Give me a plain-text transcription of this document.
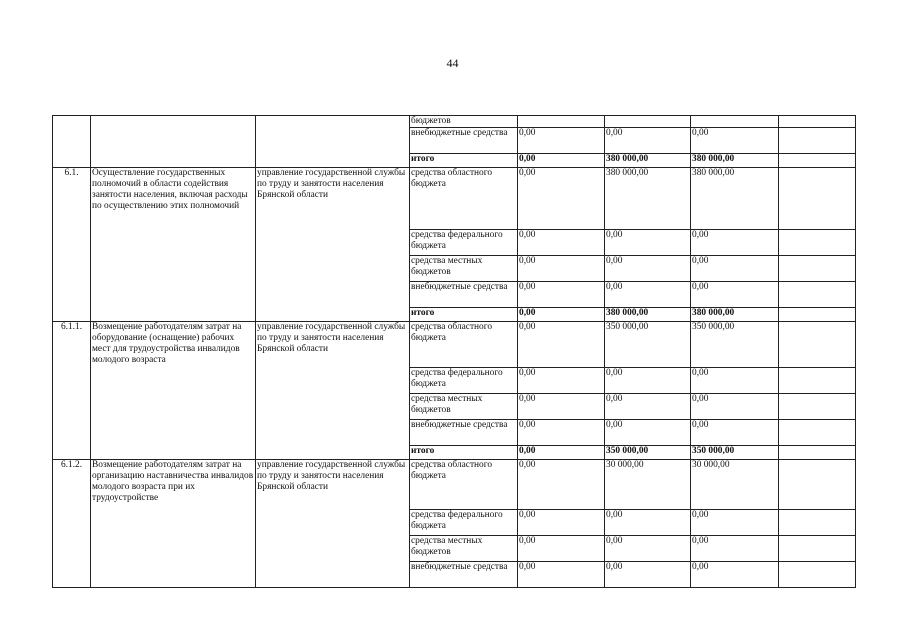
44
			бюджетов				
			внебюджетные средства	0,00	0,00	0,00	
			итого	0,00	380 000,00	380 000,00	
6.1.	Осуществление государственных полномочий в области содействия занятости населения, включая расходы по осуществлению этих полномочий	управление государственной службы по труду и занятости населения Брянской области	средства областного бюджета	0,00	380 000,00	380 000,00	
			средства федерального бюджета	0,00	0,00	0,00	
			средства местных бюджетов	0,00	0,00	0,00	
			внебюджетные средства	0,00	0,00	0,00	
			итого	0,00	380 000,00	380 000,00	
6.1.1.	Возмещение работодателям затрат на оборудование (оснащение) рабочих мест для трудоустройства инвалидов молодого возраста	управление государственной службы по труду и занятости населения Брянской области	средства областного бюджета	0,00	350 000,00	350 000,00	
			средства федерального бюджета	0,00	0,00	0,00	
			средства местных бюджетов	0,00	0,00	0,00	
			внебюджетные средства	0,00	0,00	0,00	
			итого	0,00	350 000,00	350 000,00	
6.1.2.	Возмещение работодателям затрат на организацию наставничества инвалидов молодого возраста при их трудоустройстве	управление государственной службы по труду и занятости населения Брянской области	средства областного бюджета	0,00	30 000,00	30 000,00	
			средства федерального бюджета	0,00	0,00	0,00	
			средства местных бюджетов	0,00	0,00	0,00	
			внебюджетные средства	0,00	0,00	0,00	
